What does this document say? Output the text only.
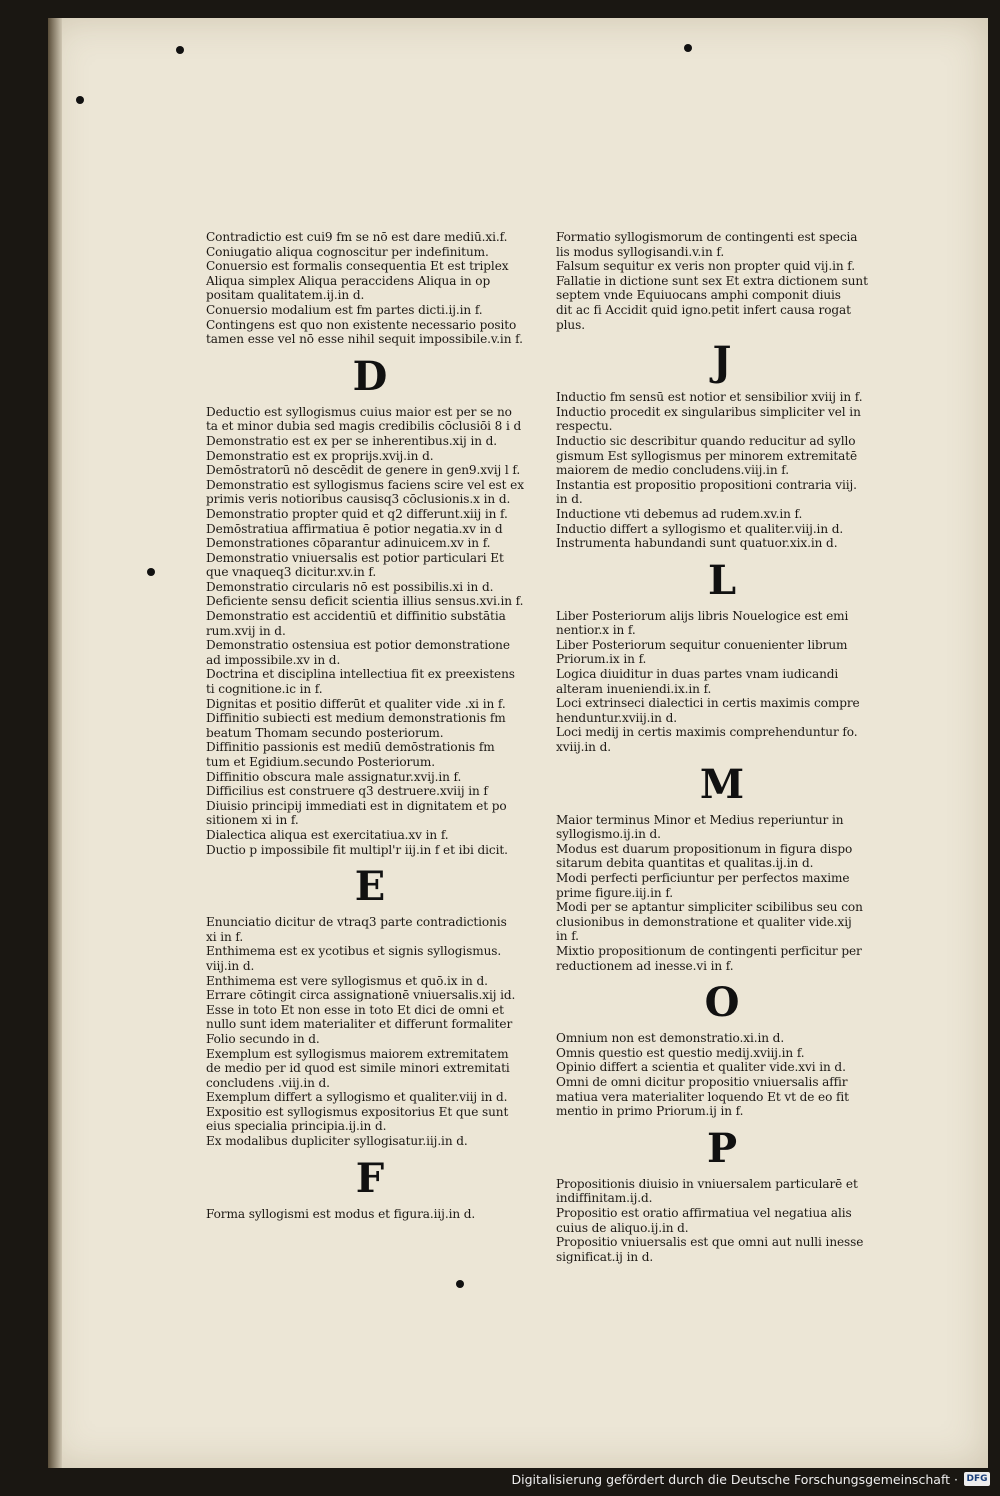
Contradictio est cui9 fm se nō est dare mediū.xi.f.
Coniugatio aliqua cognoscitur per indefinitum.
Conuersio est formalis consequentia Et est triplex
Aliqua simplex Aliqua peraccidens Aliqua in op
positam qualitatem.ij.in d.
Conuersio modalium est fm partes dicti.ij.in f.
Contingens est quo non existente necessario posito
tamen esse vel nō esse nihil sequit impossibile.v.in f.
D
Deductio est syllogismus cuius maior est per se no
ta et minor dubia sed magis credibilis cōclusiōi 8 i d
Demonstratio est ex per se inherentibus.xij in d.
Demonstratio est ex proprijs.xvij.in d.
Demōstratorū nō descēdit de genere in gen9.xvij l f.
Demonstratio est syllogismus faciens scire vel est ex
primis veris notioribus causisq3 cōclusionis.x in d.
Demonstratio propter quid et q2 differunt.xiij in f.
Demōstratiua affirmatiua ē potior negatia.xv in d
Demonstrationes cōparantur adinuicem.xv in f.
Demonstratio vniuersalis est potior particulari Et
que vnaqueq3 dicitur.xv.in f.
Demonstratio circularis nō est possibilis.xi in d.
Deficiente sensu deficit scientia illius sensus.xvi.in f.
Demonstratio est accidentiū et diffinitio substātia
rum.xvij in d.
Demonstratio ostensiua est potior demonstratione
ad impossibile.xv in d.
Doctrina et disciplina intellectiua fit ex preexistens
ti cognitione.ic in f.
Dignitas et positio differūt et qualiter vide .xi in f.
Diffinitio subiecti est medium demonstrationis fm
beatum Thomam secundo posteriorum.
Diffinitio passionis est mediū demōstrationis fm
tum et Egidium.secundo Posteriorum.
Diffinitio obscura male assignatur.xvij.in f.
Difficilius est construere q3 destruere.xviij in f
Diuisio principij immediati est in dignitatem et po
sitionem xi in f.
Dialectica aliqua est exercitatiua.xv in f.
Ductio p impossibile fit multipl'r iij.in f et ibi dicit.
E
Enunciatio dicitur de vtraq3 parte contradictionis
xi in f.
Enthimema est ex ycotibus et signis syllogismus.
viij.in d.
Enthimema est vere syllogismus et quō.ix in d.
Errare cōtingit circa assignationē vniuersalis.xij id.
Esse in toto Et non esse in toto Et dici de omni et
nullo sunt idem materialiter et differunt formaliter
Folio secundo in d.
Exemplum est syllogismus maiorem extremitatem
de medio per id quod est simile minori extremitati
concludens .viij.in d.
Exemplum differt a syllogismo et qualiter.viij in d.
Expositio est syllogismus expositorius Et que sunt
eius specialia principia.ij.in d.
Ex modalibus dupliciter syllogisatur.iij.in d.
F
Forma syllogismi est modus et figura.iij.in d.
Formatio syllogismorum de contingenti est specia
lis modus syllogisandi.v.in f.
Falsum sequitur ex veris non propter quid vij.in f.
Fallatie in dictione sunt sex Et extra dictionem sunt
septem vnde Equiuocans amphi componit diuis
dit ac fi Accidit quid igno.petit infert causa rogat
plus.
J
Inductio fm sensū est notior et sensibilior xviij in f.
Inductio procedit ex singularibus simpliciter vel in
respectu.
Inductio sic describitur quando reducitur ad syllo
gismum Est syllogismus per minorem extremitatē
maiorem de medio concludens.viij.in f.
Instantia est propositio propositioni contraria viij.
in d.
Inductione vti debemus ad rudem.xv.in f.
Inductio differt a syllogismo et qualiter.viij.in d.
Instrumenta habundandi sunt quatuor.xix.in d.
L
Liber Posteriorum alijs libris Nouelogice est emi
nentior.x in f.
Liber Posteriorum sequitur conuenienter librum
Priorum.ix in f.
Logica diuiditur in duas partes vnam iudicandi
alteram inueniendi.ix.in f.
Loci extrinseci dialectici in certis maximis compre
henduntur.xviij.in d.
Loci medij in certis maximis comprehenduntur fo.
xviij.in d.
M
Maior terminus Minor et Medius reperiuntur in
syllogismo.ij.in d.
Modus est duarum propositionum in figura dispo
sitarum debita quantitas et qualitas.ij.in d.
Modi perfecti perficiuntur per perfectos maxime
prime figure.iij.in f.
Modi per se aptantur simpliciter scibilibus seu con
clusionibus in demonstratione et qualiter vide.xij
in f.
Mixtio propositionum de contingenti perficitur per
reductionem ad inesse.vi in f.
O
Omnium non est demonstratio.xi.in d.
Omnis questio est questio medij.xviij.in f.
Opinio differt a scientia et qualiter vide.xvi in d.
Omni de omni dicitur propositio vniuersalis affir
matiua vera materialiter loquendo Et vt de eo fit
mentio in primo Priorum.ij in f.
P
Propositionis diuisio in vniuersalem particularē et
indiffinitam.ij.d.
Propositio est oratio affirmatiua vel negatiua alis
cuius de aliquo.ij.in d.
Propositio vniuersalis est que omni aut nulli inesse
significat.ij in d.
Digitalisierung gefördert durch die Deutsche Forschungsgemeinschaft · DFG
